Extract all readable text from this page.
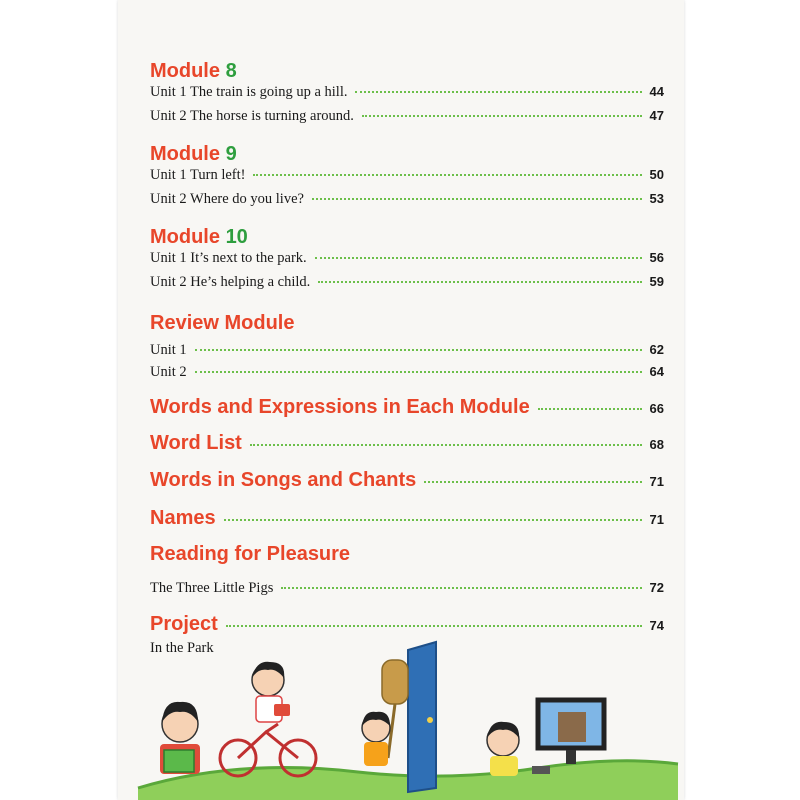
Module 8
Unit 1 The train is going up a hill.	44
Unit 2 The horse is turning around.	47
Module 9
Unit 1 Turn left!	50
Unit 2 Where do you live?	53
Module 10
Unit 1 It’s next to the park.	56
Unit 2 He’s helping a child.	59
Review Module
Unit 1	62
Unit 2	64
Words and Expressions in Each Module	66
Word List	68
Words in Songs and Chants	71
Names	71
Reading for Pleasure
The Three Little Pigs	72
Project	74
In the Park
